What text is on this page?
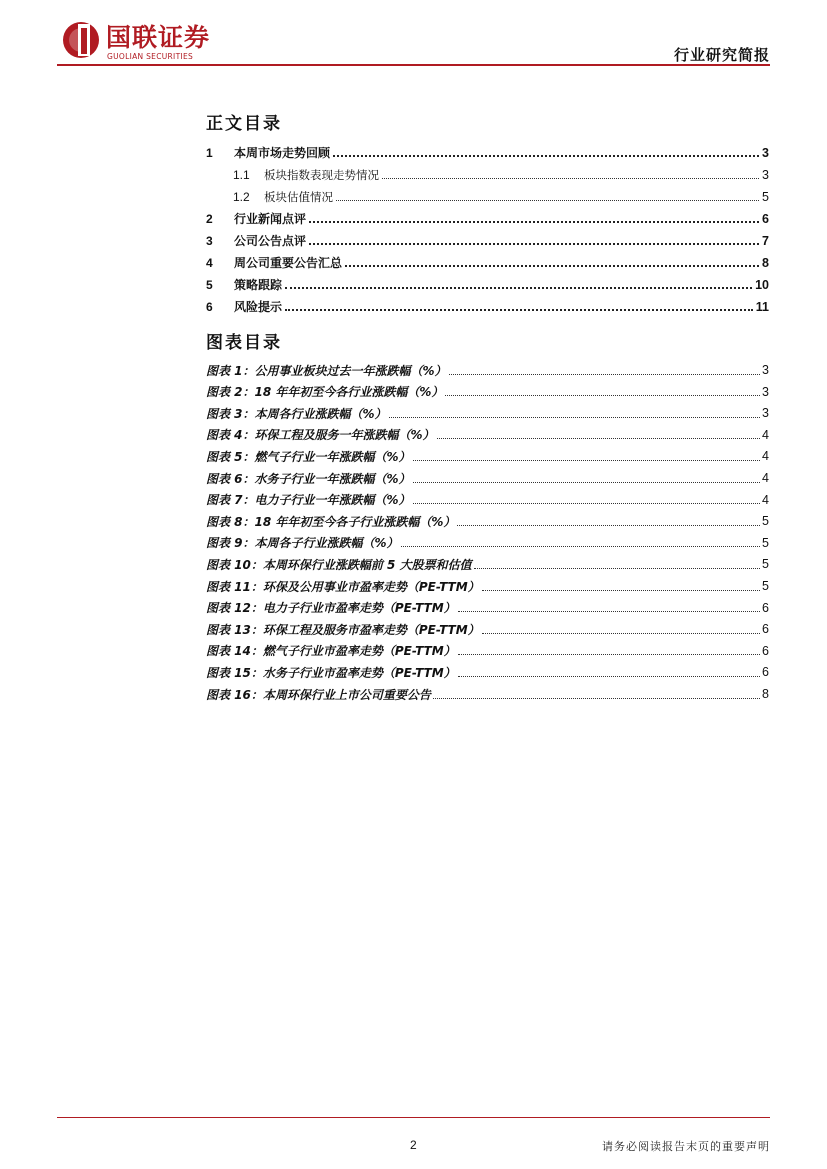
国联证券
GUOLIAN SECURITIES	行业研究简报
正文目录
1	本周市场走势回顾	3
1.1	板块指数表现走势情况	3
1.2	板块估值情况	5
2	行业新闻点评	6
3	公司公告点评	7
4	周公司重要公告汇总	8
5	策略跟踪	10
6	风险提示	11
图表目录
图表 1：公用事业板块过去一年涨跌幅（%）	3
图表 2：18 年年初至今各行业涨跌幅（%）	3
图表 3：本周各行业涨跌幅（%）	3
图表 4：环保工程及服务一年涨跌幅（%）	4
图表 5：燃气子行业一年涨跌幅（%）	4
图表 6：水务子行业一年涨跌幅（%）	4
图表 7：电力子行业一年涨跌幅（%）	4
图表 8：18 年年初至今各子行业涨跌幅（%）	5
图表 9：本周各子行业涨跌幅（%）	5
图表 10：本周环保行业涨跌幅前 5 大股票和估值	5
图表 11：环保及公用事业市盈率走势（PE-TTM）	5
图表 12：电力子行业市盈率走势（PE-TTM）	6
图表 13：环保工程及服务市盈率走势（PE-TTM）	6
图表 14：燃气子行业市盈率走势（PE-TTM）	6
图表 15：水务子行业市盈率走势（PE-TTM）	6
图表 16：本周环保行业上市公司重要公告	8
2	请务必阅读报告末页的重要声明
